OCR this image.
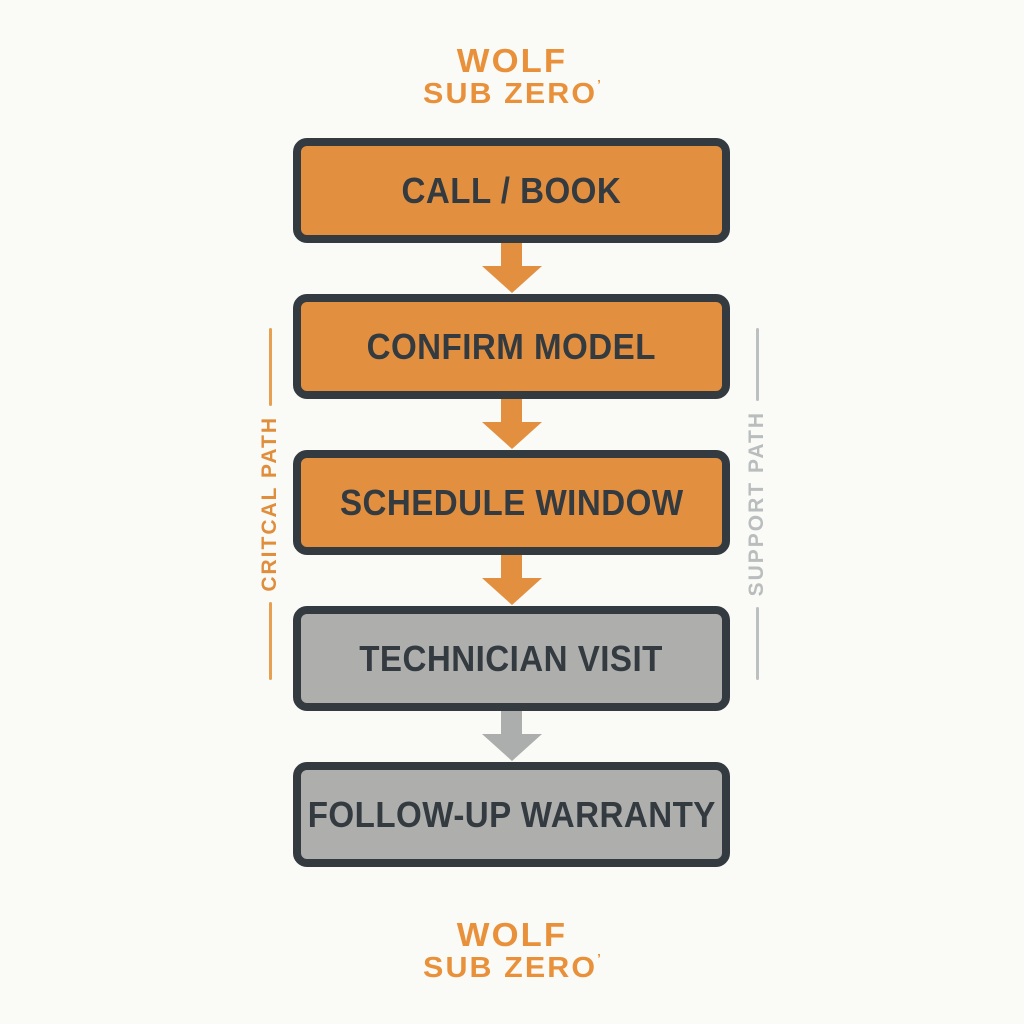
WOLF
SUB ZERO’
CALL / BOOK
CONFIRM MODEL
SCHEDULE WINDOW
TECHNICIAN VISIT
FOLLOW-UP WARRANTY
CRITCAL PATH	SUPPORT PATH
WOLF
SUB ZERO’
